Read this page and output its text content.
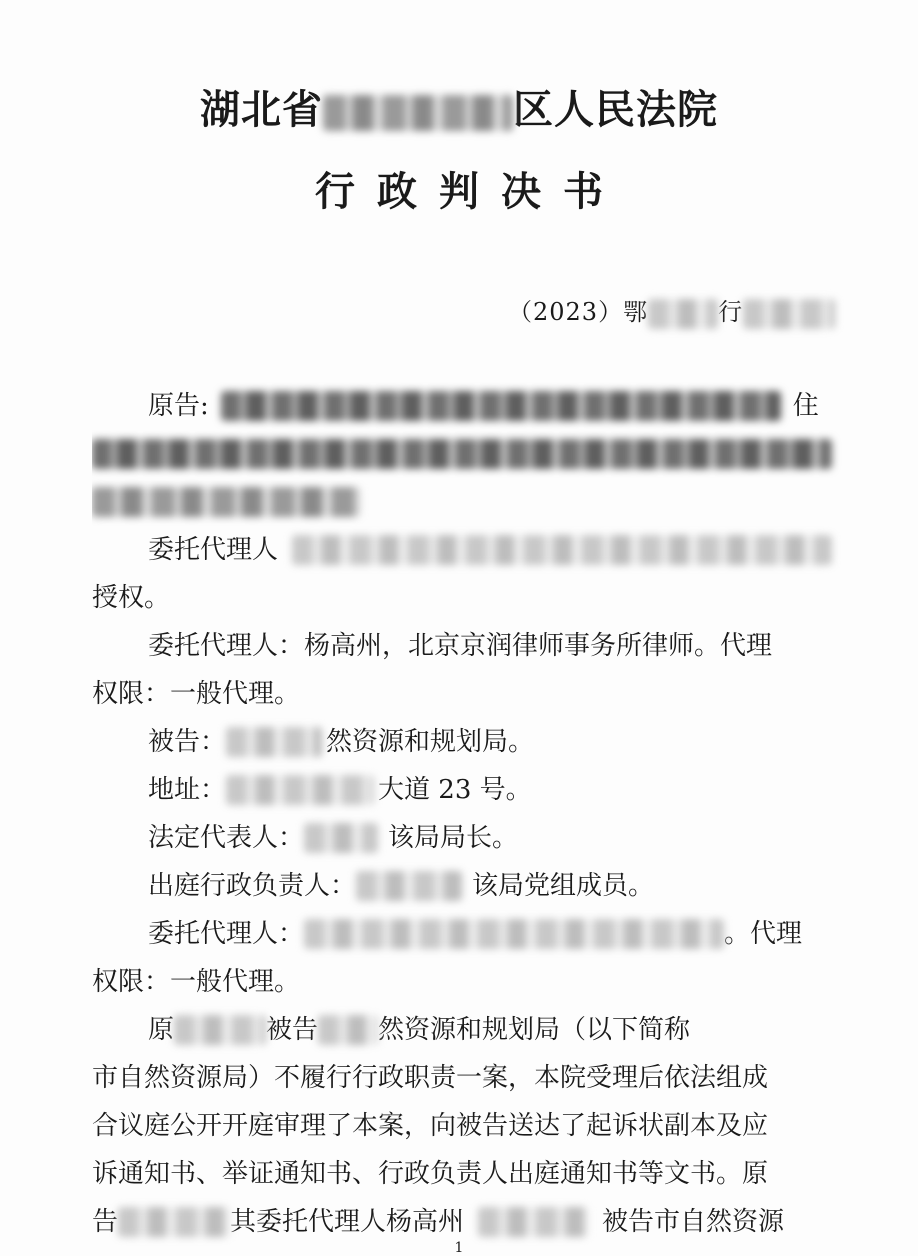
湖北省	区人民法院
行政判决书
（2023）鄂	行
原告:	住
委托代理人
授权。
委托代理人：杨高州，北京京润律师事务所律师。代理
权限：一般代理。
被告：	然资源和规划局。
地址：	大道 23 号。
法定代表人：	该局局长。
出庭行政负责人：	该局党组成员。
委托代理人：	。代理
权限：一般代理。
原	被告 然资源和规划局（以下简称
市自然资源局）不履行行政职责一案，本院受理后依法组成
合议庭公开开庭审理了本案，向被告送达了起诉状副本及应
诉通知书、举证通知书、行政负责人出庭通知书等文书。原
告	其委托代理人杨高州	被告市自然资源
1
